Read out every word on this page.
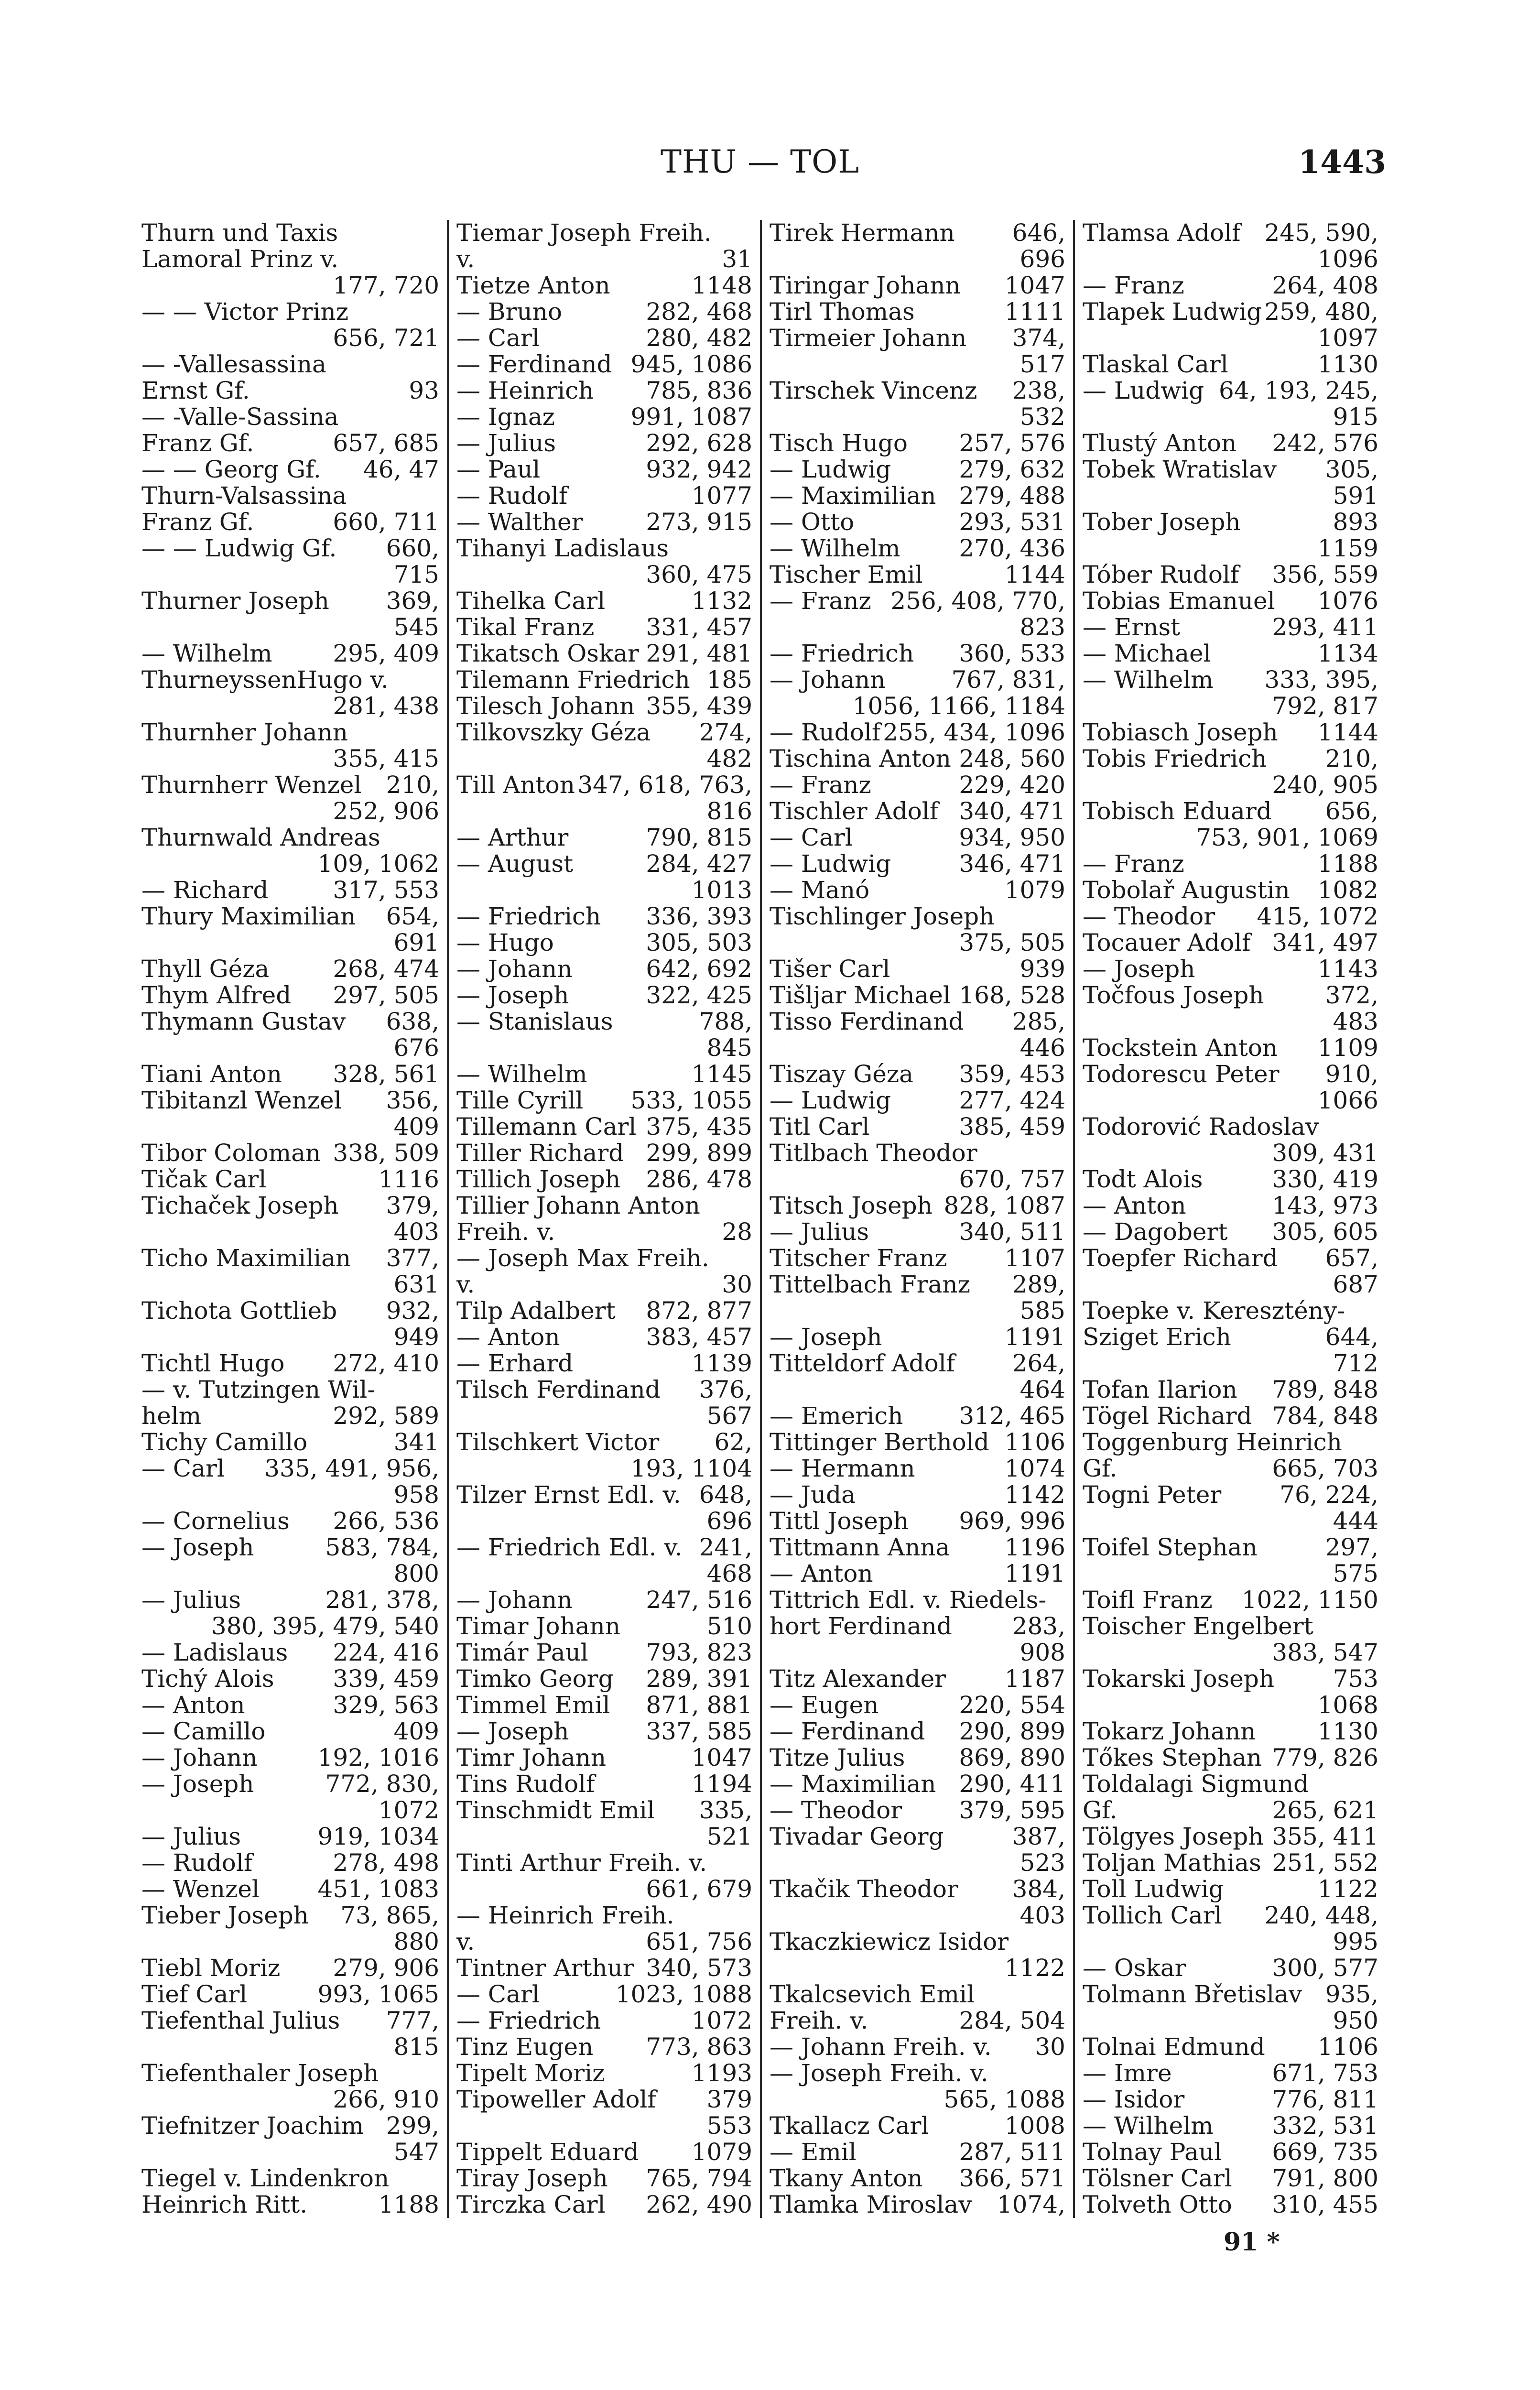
THU — TOL	1443

Thurn und Taxis

Lamoral Prinz v.

177, 720

— — Victor Prinz

656, 721

— -Vallesassina

93
Ernst Gf.

— -Valle-Sassina

657, 685
Franz Gf.

46, 47
— — Georg Gf.

Thurn-Valsassina

660, 711
Franz Gf.

660,
— — Ludwig Gf.

715

369,
Thurner Joseph

545

295, 409
— Wilhelm

ThurneyssenHugo v.

281, 438

Thurnher Johann

355, 415

210,
Thurnherr Wenzel

252, 906

Thurnwald Andreas

109, 1062

317, 553
— Richard

654,
Thury Maximilian

691

268, 474
Thyll Géza

297, 505
Thym Alfred

638,
Thymann Gustav

676

328, 561
Tiani Anton

356,
Tibitanzl Wenzel

409

338, 509
Tibor Coloman

1116
Tičak Carl

379,
Tichaček Joseph

403

377,
Ticho Maximilian

631

932,
Tichota Gottlieb

949

272, 410
Tichtl Hugo

— v. Tutzingen Wil-

292, 589
helm

341
Tichy Camillo

335, 491, 956,
— Carl

958

266, 536
— Cornelius

583, 784,
— Joseph

800

281, 378,
— Julius

380, 395, 479, 540

224, 416
— Ladislaus

339, 459
Tichý Alois

329, 563
— Anton

409
— Camillo

192, 1016
— Johann

772, 830,
— Joseph

1072

919, 1034
— Julius

278, 498
— Rudolf

451, 1083
— Wenzel

73, 865,
Tieber Joseph

880

279, 906
Tiebl Moriz

993, 1065
Tief Carl

777,
Tiefenthal Julius

815

Tiefenthaler Joseph

266, 910

299,
Tiefnitzer Joachim

547

Tiegel v. Lindenkron

1188
Heinrich Ritt.

Tiemar Joseph Freih.

31
v.

1148
Tietze Anton

282, 468
— Bruno

280, 482
— Carl

945, 1086
— Ferdinand

785, 836
— Heinrich

991, 1087
— Ignaz

292, 628
— Julius

932, 942
— Paul

1077
— Rudolf

273, 915
— Walther

Tihanyi Ladislaus

360, 475

1132
Tihelka Carl

331, 457
Tikal Franz

291, 481
Tikatsch Oskar

185
Tilemann Friedrich

355, 439
Tilesch Johann

274,
Tilkovszky Géza

482

347, 618, 763,
Till Anton

816

790, 815
— Arthur

284, 427
— August

1013

336, 393
— Friedrich

305, 503
— Hugo

642, 692
— Johann

322, 425
— Joseph

788,
— Stanislaus

845

1145
— Wilhelm

533, 1055
Tille Cyrill

375, 435
Tillemann Carl

299, 899
Tiller Richard

286, 478
Tillich Joseph

Tillier Johann Anton

28
Freih. v.

— Joseph Max Freih.

30
v.

872, 877
Tilp Adalbert

383, 457
— Anton

1139
— Erhard

376,
Tilsch Ferdinand

567

62,
Tilschkert Victor

193, 1104

648,
Tilzer Ernst Edl. v.

696

241,
— Friedrich Edl. v.

468

247, 516
— Johann

510
Timar Johann

793, 823
Timár Paul

289, 391
Timko Georg

871, 881
Timmel Emil

337, 585
— Joseph

1047
Timr Johann

1194
Tins Rudolf

335,
Tinschmidt Emil

521

Tinti Arthur Freih. v.

661, 679

— Heinrich Freih.

651, 756
v.

340, 573
Tintner Arthur

1023, 1088
— Carl

1072
— Friedrich

773, 863
Tinz Eugen

1193
Tipelt Moriz

379
Tipoweller Adolf

553

1079
Tippelt Eduard

765, 794
Tiray Joseph

262, 490
Tirczka Carl

646,
Tirek Hermann

696

1047
Tiringar Johann

1111
Tirl Thomas

374,
Tirmeier Johann

517

238,
Tirschek Vincenz

532

257, 576
Tisch Hugo

279, 632
— Ludwig

279, 488
— Maximilian

293, 531
— Otto

270, 436
— Wilhelm

1144
Tischer Emil

256, 408, 770,
— Franz

823

360, 533
— Friedrich

767, 831,
— Johann

1056, 1166, 1184

255, 434, 1096
— Rudolf

248, 560
Tischina Anton

229, 420
— Franz

340, 471
Tischler Adolf

934, 950
— Carl

346, 471
— Ludwig

1079
— Manó

Tischlinger Joseph

375, 505

939
Tišer Carl

168, 528
Tišljar Michael

285,
Tisso Ferdinand

446

359, 453
Tiszay Géza

277, 424
— Ludwig

385, 459
Titl Carl

Titlbach Theodor

670, 757

828, 1087
Titsch Joseph

340, 511
— Julius

1107
Titscher Franz

289,
Tittelbach Franz

585

1191
— Joseph

264,
Titteldorf Adolf

464

312, 465
— Emerich

1106
Tittinger Berthold

1074
— Hermann

1142
— Juda

969, 996
Tittl Joseph

1196
Tittmann Anna

1191
— Anton

Tittrich Edl. v. Riedels-

283,
hort Ferdinand

908

1187
Titz Alexander

220, 554
— Eugen

290, 899
— Ferdinand

869, 890
Titze Julius

290, 411
— Maximilian

379, 595
— Theodor

387,
Tivadar Georg

523

384,
Tkačik Theodor

403

Tkaczkiewicz Isidor

1122

Tkalcsevich Emil

284, 504
Freih. v.

30
— Johann Freih. v.

— Joseph Freih. v.

565, 1088

1008
Tkallacz Carl

287, 511
— Emil

366, 571
Tkany Anton

1074,
Tlamka Miroslav

245, 590,
Tlamsa Adolf

1096

264, 408
— Franz

259, 480,
Tlapek Ludwig

1097

1130
Tlaskal Carl

64, 193, 245,
— Ludwig

915

242, 576
Tlustý Anton

305,
Tobek Wratislav

591

893
Tober Joseph

1159

356, 559
Tóber Rudolf

1076
Tobias Emanuel

293, 411
— Ernst

1134
— Michael

333, 395,
— Wilhelm

792, 817

1144
Tobiasch Joseph

210,
Tobis Friedrich

240, 905

656,
Tobisch Eduard

753, 901, 1069

1188
— Franz

1082
Tobolař Augustin

415, 1072
— Theodor

341, 497
Tocauer Adolf

1143
— Joseph

372,
Točfous Joseph

483

1109
Tockstein Anton

910,
Todorescu Peter

1066

Todorović Radoslav

309, 431

330, 419
Todt Alois

143, 973
— Anton

305, 605
— Dagobert

657,
Toepfer Richard

687

Toepke v. Keresztény-

644,
Sziget Erich

712

789, 848
Tofan Ilarion

784, 848
Tögel Richard

Toggenburg Heinrich

665, 703
Gf.

76, 224,
Togni Peter

444

297,
Toifel Stephan

575

1022, 1150
Toifl Franz

Toischer Engelbert

383, 547

753
Tokarski Joseph

1068

1130
Tokarz Johann

779, 826
Tőkes Stephan

Toldalagi Sigmund

265, 621
Gf.

355, 411
Tölgyes Joseph

251, 552
Toljan Mathias

1122
Toll Ludwig

240, 448,
Tollich Carl

995

300, 577
— Oskar

935,
Tolmann Břetislav

950

1106
Tolnai Edmund

671, 753
— Imre

776, 811
— Isidor

332, 531
— Wilhelm

669, 735
Tolnay Paul

791, 800
Tölsner Carl

310, 455
Tolveth Otto

91 *
